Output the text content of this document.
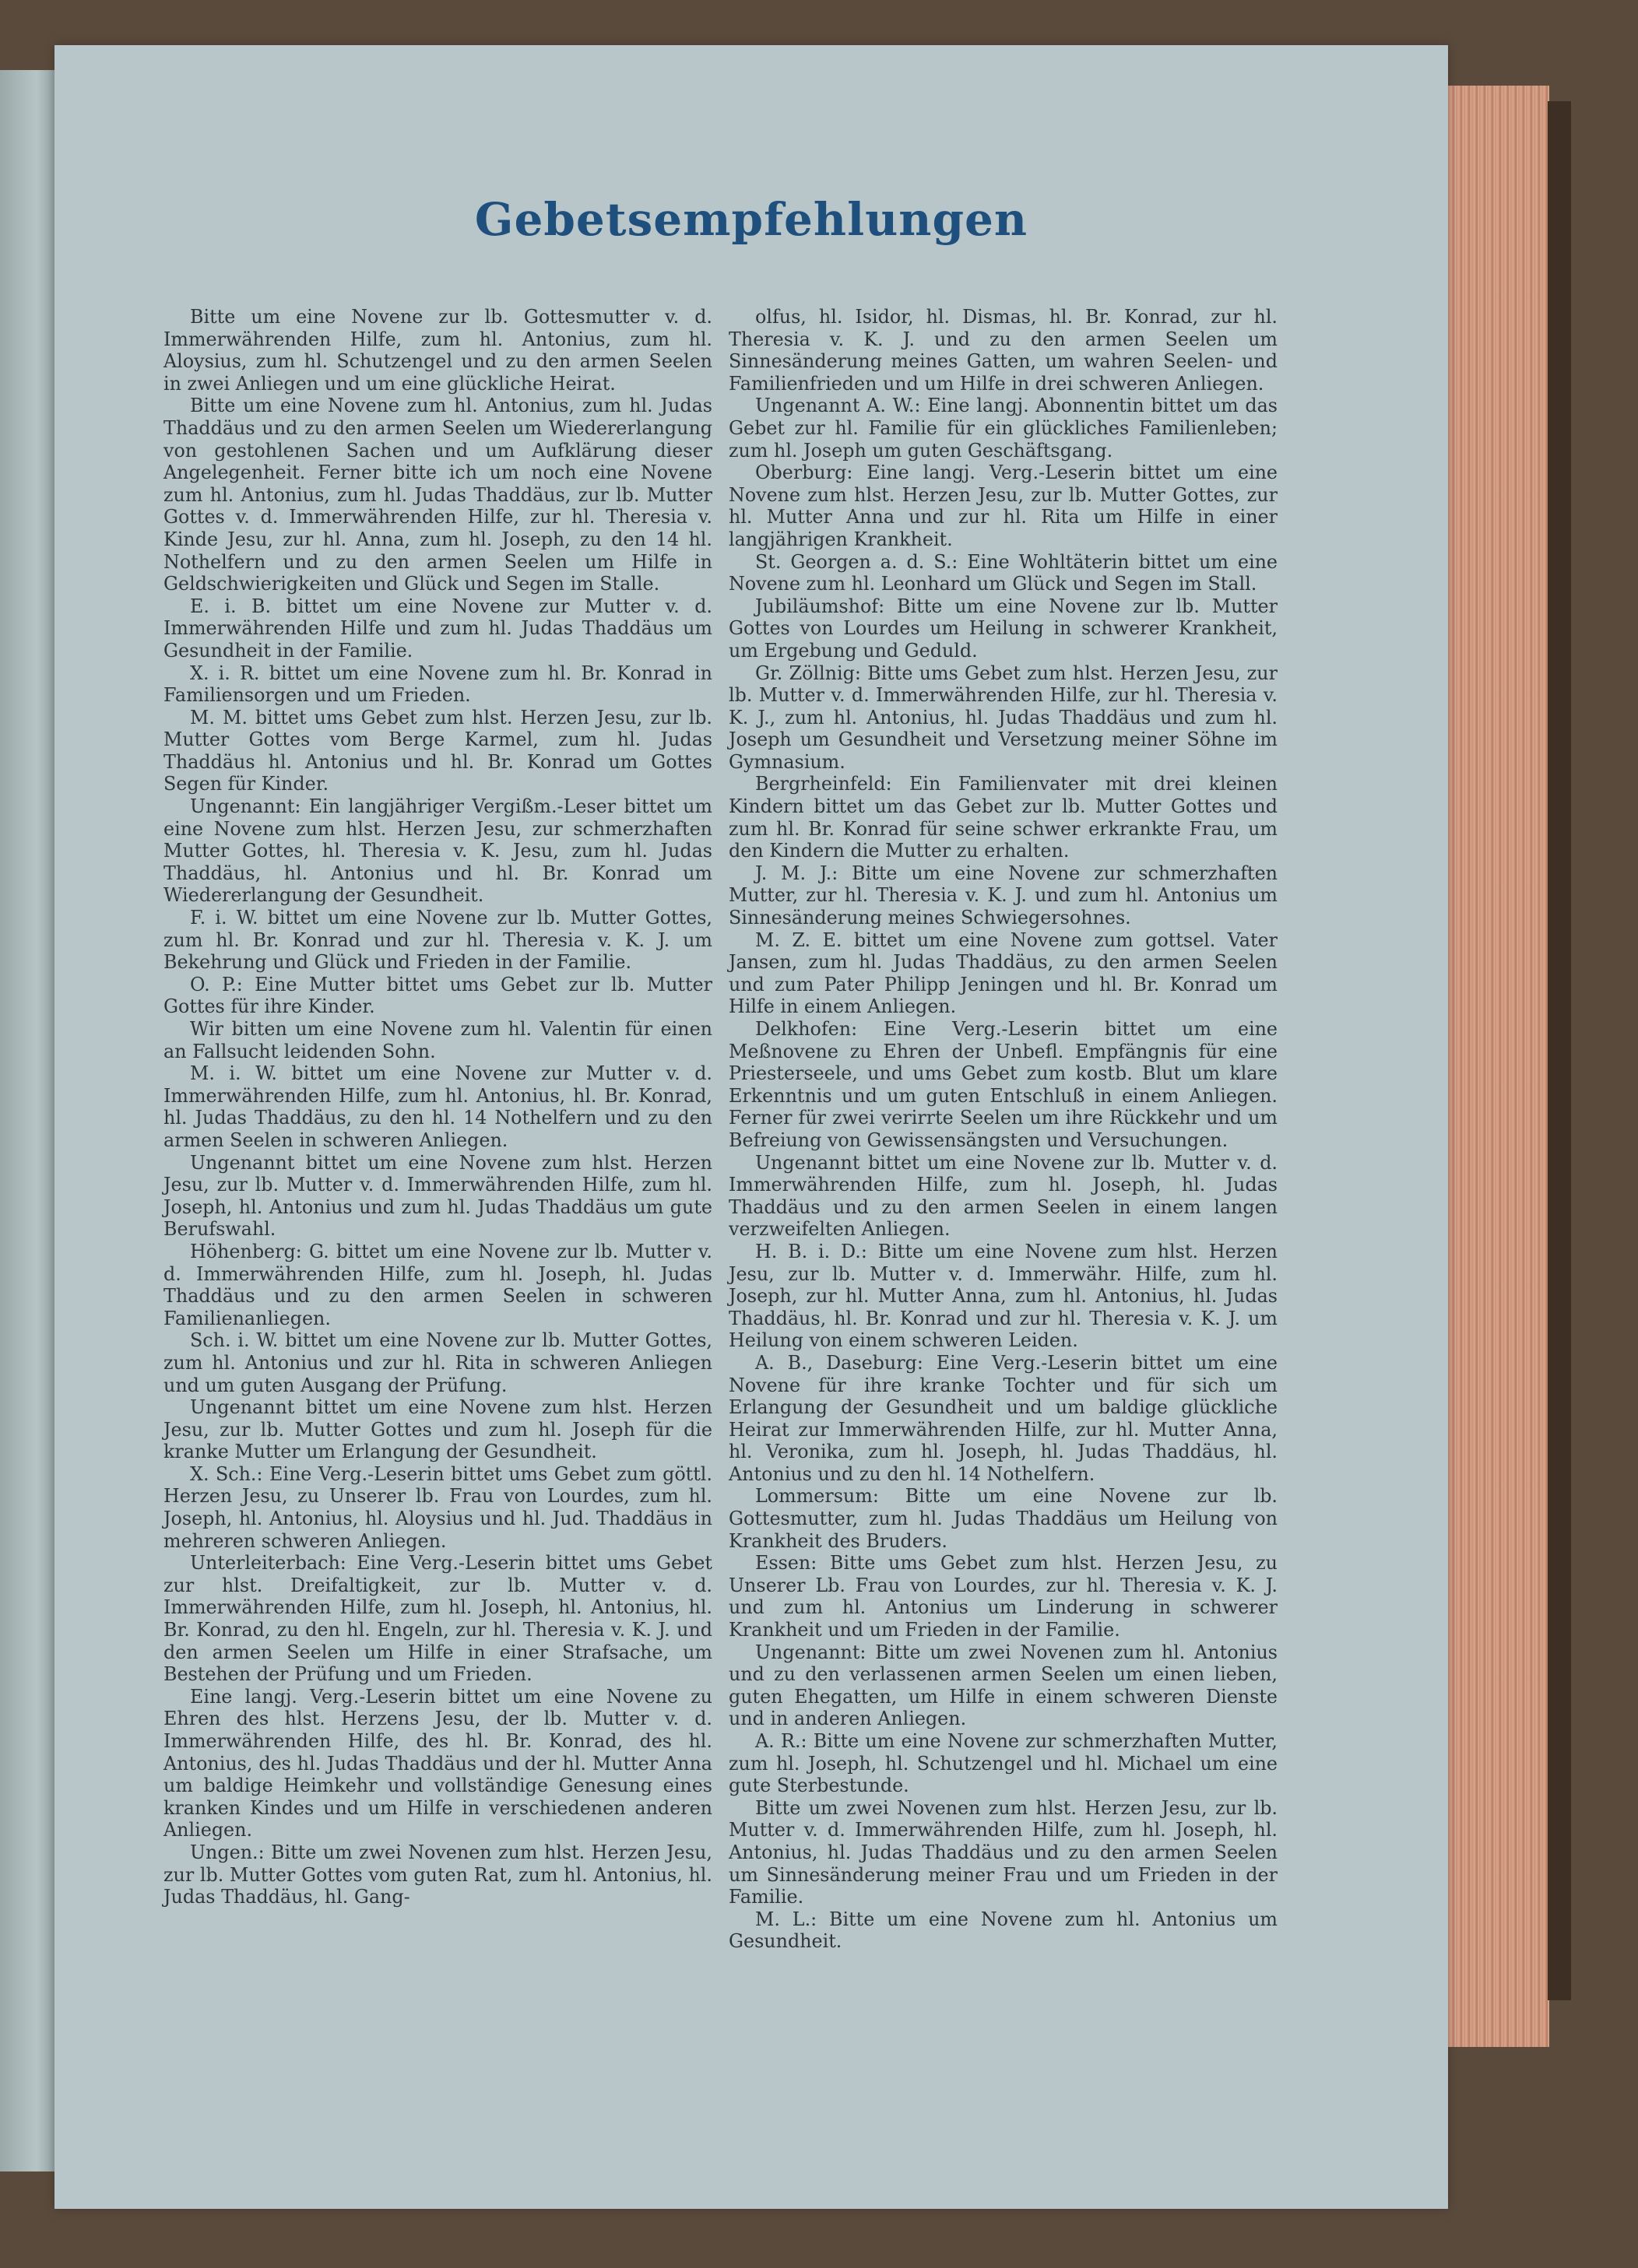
Gebetsempfehlungen

Bitte um eine Novene zur lb. Gottesmutter v. d. Immerwährenden Hilfe, zum hl. Antonius, zum hl. Aloysius, zum hl. Schutzengel und zu den armen Seelen in zwei Anliegen und um eine glückliche Heirat.

Bitte um eine Novene zum hl. Antonius, zum hl. Judas Thaddäus und zu den armen Seelen um Wiedererlangung von gestohlenen Sachen und um Aufklärung dieser Angelegenheit. Ferner bitte ich um noch eine Novene zum hl. Antonius, zum hl. Judas Thaddäus, zur lb. Mutter Gottes v. d. Immerwährenden Hilfe, zur hl. Theresia v. Kinde Jesu, zur hl. Anna, zum hl. Joseph, zu den 14 hl. Nothelfern und zu den armen Seelen um Hilfe in Geldschwierigkeiten und Glück und Segen im Stalle.

E. i. B. bittet um eine Novene zur Mutter v. d. Immerwährenden Hilfe und zum hl. Judas Thaddäus um Gesundheit in der Familie.

X. i. R. bittet um eine Novene zum hl. Br. Konrad in Familiensorgen und um Frieden.

M. M. bittet ums Gebet zum hlst. Herzen Jesu, zur lb. Mutter Gottes vom Berge Karmel, zum hl. Judas Thaddäus hl. Antonius und hl. Br. Konrad um Gottes Segen für Kinder.

Ungenannt: Ein langjähriger Vergißm.-Leser bittet um eine Novene zum hlst. Herzen Jesu, zur schmerzhaften Mutter Gottes, hl. Theresia v. K. Jesu, zum hl. Judas Thaddäus, hl. Antonius und hl. Br. Konrad um Wiedererlangung der Gesundheit.

F. i. W. bittet um eine Novene zur lb. Mutter Gottes, zum hl. Br. Konrad und zur hl. Theresia v. K. J. um Bekehrung und Glück und Frieden in der Familie.

O. P.: Eine Mutter bittet ums Gebet zur lb. Mutter Gottes für ihre Kinder.

Wir bitten um eine Novene zum hl. Valentin für einen an Fallsucht leidenden Sohn.

M. i. W. bittet um eine Novene zur Mutter v. d. Immerwährenden Hilfe, zum hl. Antonius, hl. Br. Konrad, hl. Judas Thaddäus, zu den hl. 14 Nothelfern und zu den armen Seelen in schweren Anliegen.

Ungenannt bittet um eine Novene zum hlst. Herzen Jesu, zur lb. Mutter v. d. Immerwährenden Hilfe, zum hl. Joseph, hl. Antonius und zum hl. Judas Thaddäus um gute Berufswahl.

Höhenberg: G. bittet um eine Novene zur lb. Mutter v. d. Immerwährenden Hilfe, zum hl. Joseph, hl. Judas Thaddäus und zu den armen Seelen in schweren Familienanliegen.

Sch. i. W. bittet um eine Novene zur lb. Mutter Gottes, zum hl. Antonius und zur hl. Rita in schweren Anliegen und um guten Ausgang der Prüfung.

Ungenannt bittet um eine Novene zum hlst. Herzen Jesu, zur lb. Mutter Gottes und zum hl. Joseph für die kranke Mutter um Erlangung der Gesundheit.

X. Sch.: Eine Verg.-Leserin bittet ums Gebet zum göttl. Herzen Jesu, zu Unserer lb. Frau von Lourdes, zum hl. Joseph, hl. Antonius, hl. Aloysius und hl. Jud. Thaddäus in mehreren schweren Anliegen.

Unterleiterbach: Eine Verg.-Leserin bittet ums Gebet zur hlst. Dreifaltigkeit, zur lb. Mutter v. d. Immerwährenden Hilfe, zum hl. Joseph, hl. Antonius, hl. Br. Konrad, zu den hl. Engeln, zur hl. Theresia v. K. J. und den armen Seelen um Hilfe in einer Strafsache, um Bestehen der Prüfung und um Frieden.

Eine langj. Verg.-Leserin bittet um eine Novene zu Ehren des hlst. Herzens Jesu, der lb. Mutter v. d. Immerwährenden Hilfe, des hl. Br. Konrad, des hl. Antonius, des hl. Judas Thaddäus und der hl. Mutter Anna um baldige Heimkehr und vollständige Genesung eines kranken Kindes und um Hilfe in verschiedenen anderen Anliegen.

Ungen.: Bitte um zwei Novenen zum hlst. Herzen Jesu, zur lb. Mutter Gottes vom guten Rat, zum hl. Antonius, hl. Judas Thaddäus, hl. Gang-

olfus, hl. Isidor, hl. Dismas, hl. Br. Konrad, zur hl. Theresia v. K. J. und zu den armen Seelen um Sinnesänderung meines Gatten, um wahren Seelen- und Familienfrieden und um Hilfe in drei schweren Anliegen.

Ungenannt A. W.: Eine langj. Abonnentin bittet um das Gebet zur hl. Familie für ein glückliches Familienleben; zum hl. Joseph um guten Geschäftsgang.

Oberburg: Eine langj. Verg.-Leserin bittet um eine Novene zum hlst. Herzen Jesu, zur lb. Mutter Gottes, zur hl. Mutter Anna und zur hl. Rita um Hilfe in einer langjährigen Krankheit.

St. Georgen a. d. S.: Eine Wohltäterin bittet um eine Novene zum hl. Leonhard um Glück und Segen im Stall.

Jubiläumshof: Bitte um eine Novene zur lb. Mutter Gottes von Lourdes um Heilung in schwerer Krankheit, um Ergebung und Geduld.

Gr. Zöllnig: Bitte ums Gebet zum hlst. Herzen Jesu, zur lb. Mutter v. d. Immerwährenden Hilfe, zur hl. Theresia v. K. J., zum hl. Antonius, hl. Judas Thaddäus und zum hl. Joseph um Gesundheit und Versetzung meiner Söhne im Gymnasium.

Bergrheinfeld: Ein Familienvater mit drei kleinen Kindern bittet um das Gebet zur lb. Mutter Gottes und zum hl. Br. Konrad für seine schwer erkrankte Frau, um den Kindern die Mutter zu erhalten.

J. M. J.: Bitte um eine Novene zur schmerzhaften Mutter, zur hl. Theresia v. K. J. und zum hl. Antonius um Sinnesänderung meines Schwiegersohnes.

M. Z. E. bittet um eine Novene zum gottsel. Vater Jansen, zum hl. Judas Thaddäus, zu den armen Seelen und zum Pater Philipp Jeningen und hl. Br. Konrad um Hilfe in einem Anliegen.

Delkhofen: Eine Verg.-Leserin bittet um eine Meßnovene zu Ehren der Unbefl. Empfängnis für eine Priesterseele, und ums Gebet zum kostb. Blut um klare Erkenntnis und um guten Entschluß in einem Anliegen. Ferner für zwei verirrte Seelen um ihre Rückkehr und um Befreiung von Gewissensängsten und Versuchungen.

Ungenannt bittet um eine Novene zur lb. Mutter v. d. Immerwährenden Hilfe, zum hl. Joseph, hl. Judas Thaddäus und zu den armen Seelen in einem langen verzweifelten Anliegen.

H. B. i. D.: Bitte um eine Novene zum hlst. Herzen Jesu, zur lb. Mutter v. d. Immerwähr. Hilfe, zum hl. Joseph, zur hl. Mutter Anna, zum hl. Antonius, hl. Judas Thaddäus, hl. Br. Konrad und zur hl. Theresia v. K. J. um Heilung von einem schweren Leiden.

A. B., Daseburg: Eine Verg.-Leserin bittet um eine Novene für ihre kranke Tochter und für sich um Erlangung der Gesundheit und um baldige glückliche Heirat zur Immerwährenden Hilfe, zur hl. Mutter Anna, hl. Veronika, zum hl. Joseph, hl. Judas Thaddäus, hl. Antonius und zu den hl. 14 Nothelfern.

Lommersum: Bitte um eine Novene zur lb. Gottesmutter, zum hl. Judas Thaddäus um Heilung von Krankheit des Bruders.

Essen: Bitte ums Gebet zum hlst. Herzen Jesu, zu Unserer Lb. Frau von Lourdes, zur hl. Theresia v. K. J. und zum hl. Antonius um Linderung in schwerer Krankheit und um Frieden in der Familie.

Ungenannt: Bitte um zwei Novenen zum hl. Antonius und zu den verlassenen armen Seelen um einen lieben, guten Ehegatten, um Hilfe in einem schweren Dienste und in anderen Anliegen.

A. R.: Bitte um eine Novene zur schmerzhaften Mutter, zum hl. Joseph, hl. Schutzengel und hl. Michael um eine gute Sterbestunde.

Bitte um zwei Novenen zum hlst. Herzen Jesu, zur lb. Mutter v. d. Immerwährenden Hilfe, zum hl. Joseph, hl. Antonius, hl. Judas Thaddäus und zu den armen Seelen um Sinnesänderung meiner Frau und um Frieden in der Familie.

M. L.: Bitte um eine Novene zum hl. Antonius um Gesundheit.
